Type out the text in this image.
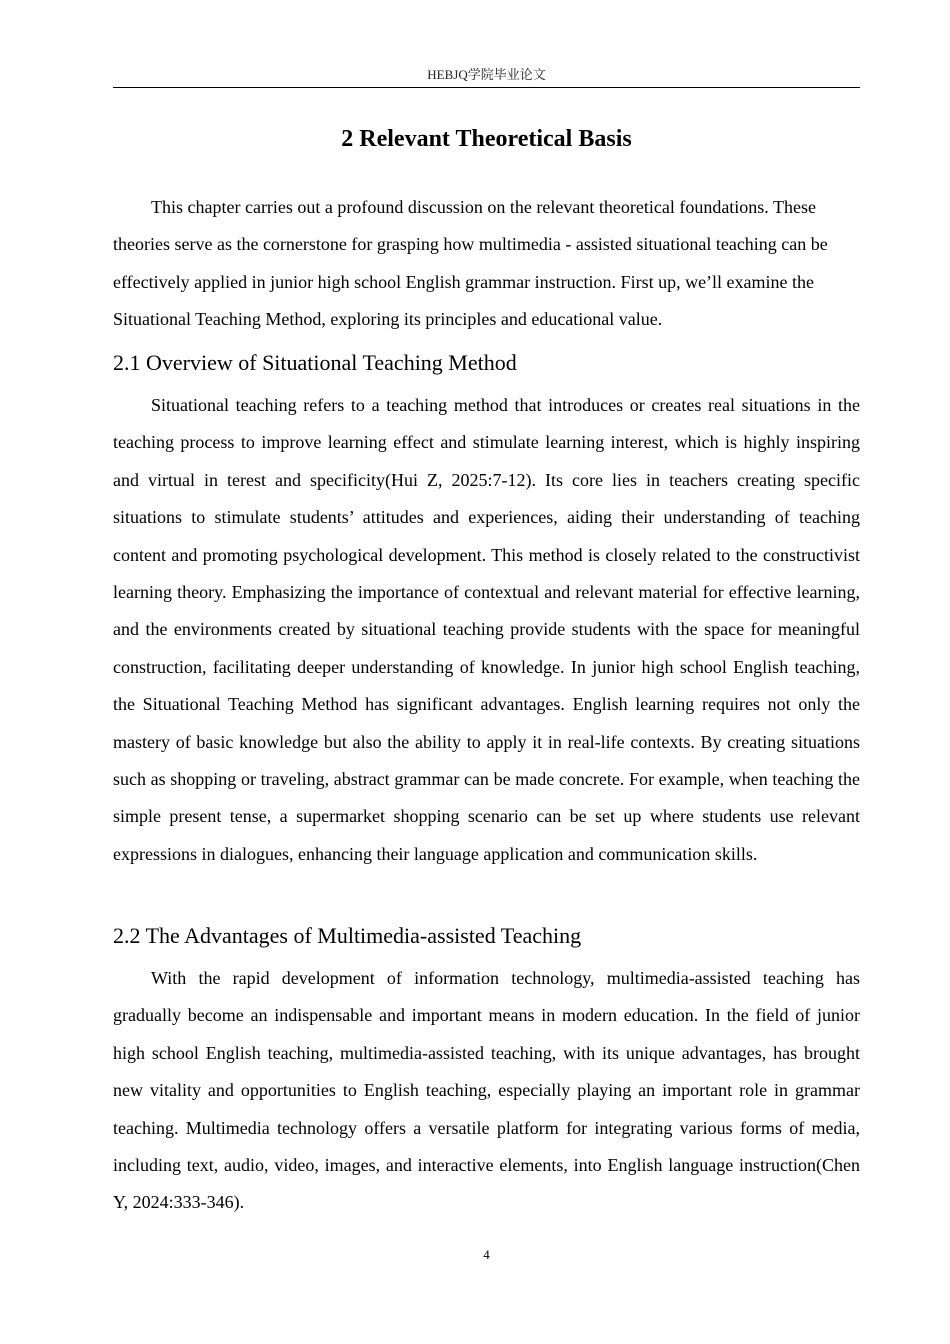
HEBJQ学院毕业论文
2 Relevant Theoretical Basis

This chapter carries out a profound discussion on the relevant theoretical foundations. These theories serve as the cornerstone for grasping how multimedia - assisted situational teaching can be effectively applied in junior high school English grammar instruction. First up, we’ll examine the Situational Teaching Method, exploring its principles and educational value.

2.1 Overview of Situational Teaching Method

Situational teaching refers to a teaching method that introduces or creates real situations in the teaching process to improve learning effect and stimulate learning interest, which is highly inspiring and virtual in terest and specificity(Hui Z, 2025:7-12). Its core lies in teachers creating specific situations to stimulate students’ attitudes and experiences, aiding their understanding of teaching content and promoting psychological development. This method is closely related to the constructivist learning theory. Emphasizing the importance of contextual and relevant material for effective learning, and the environments created by situational teaching provide students with the space for meaningful construction, facilitating deeper understanding of knowledge. In junior high school English teaching, the Situational Teaching Method has significant advantages. English learning requires not only the mastery of basic knowledge but also the ability to apply it in real-life contexts. By creating situations such as shopping or traveling, abstract grammar can be made concrete. For example, when teaching the simple present tense, a supermarket shopping scenario can be set up where students use relevant expressions in dialogues, enhancing their language application and communication skills.

2.2 The Advantages of Multimedia-assisted Teaching

With the rapid development of information technology, multimedia-assisted teaching has gradually become an indispensable and important means in modern education. In the field of junior high school English teaching, multimedia-assisted teaching, with its unique advantages, has brought new vitality and opportunities to English teaching, especially playing an important role in grammar teaching. Multimedia technology offers a versatile platform for integrating various forms of media, including text, audio, video, images, and interactive elements, into English language instruction(Chen Y, 2024:333-346).

4
